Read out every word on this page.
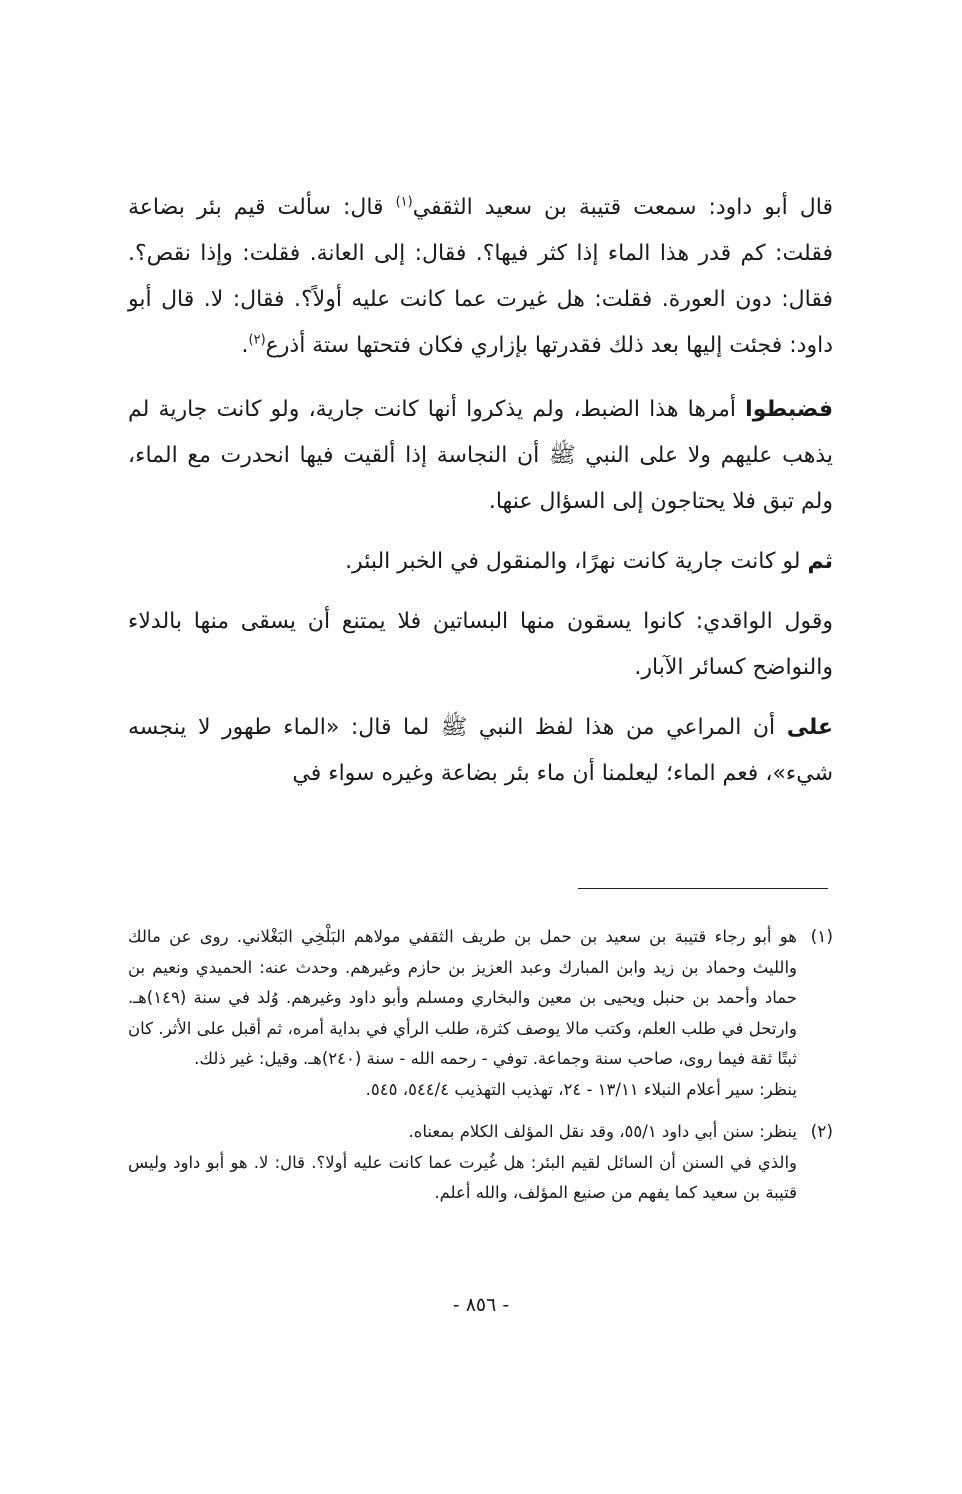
قال أبو داود: سمعت قتيبة بن سعيد الثقفي$^{(١)}$ قال: سألت قيم بئر بضاعة فقلت: كم قدر هذا الماء إذا كثر فيها؟. فقال: إلى العانة. فقلت: وإذا نقص؟. فقال: دون العورة. فقلت: هل غيرت عما كانت عليه أولاً؟. فقال: لا. قال أبو داود: فجئت إليها بعد ذلك فقدرتها بإزاري فكان فتحتها ستة أذرع$^{(٢)}$.

فضبطوا أمرها هذا الضبط، ولم يذكروا أنها كانت جارية، ولو كانت جارية لم يذهب عليهم ولا على النبي ﷺ أن النجاسة إذا ألقيت فيها انحدرت مع الماء، ولم تبق فلا يحتاجون إلى السؤال عنها.

ثم لو كانت جارية كانت نهرًا، والمنقول في الخبر البئر.

وقول الواقدي: كانوا يسقون منها البساتين فلا يمتنع أن يسقى منها بالدلاء والنواضح كسائر الآبار.

على أن المراعي من هذا لفظ النبي ﷺ لما قال: «الماء طهور لا ينجسه شيء»، فعم الماء؛ ليعلمنا أن ماء بئر بضاعة وغيره سواء في

(١)

هو أبو رجاء قتيبة بن سعيد بن حمل بن طريف الثقفي مولاهم البَلْخِي البَغْلاني. روى عن مالك والليث وحماد بن زيد وابن المبارك وعبد العزيز بن حازم وغيرهم. وحدث عنه: الحميدي ونعيم بن حماد وأحمد بن حنبل ويحيى بن معين والبخاري ومسلم وأبو داود وغيرهم. وُلد في سنة (١٤٩)هـ. وارتحل في طلب العلم، وكتب مالا يوصف كثرة، طلب الرأي في بداية أمره، ثم أقبل على الأثر. كان ثبتًا ثقة فيما روى، صاحب سنة وجماعة. توفي - رحمه الله - سنة (٢٤٠)هـ. وقيل: غير ذلك.

ينظر: سير أعلام النبلاء ١٣/١١ - ٢٤، تهذيب التهذيب ٥٤٤/٤، ٥٤٥.

(٢)

ينظر: سنن أبي داود ٥٥/١، وقد نقل المؤلف الكلام بمعناه.

والذي في السنن أن السائل لقيم البئر: هل غُيرت عما كانت عليه أولا؟. قال: لا. هو أبو داود وليس قتيبة بن سعيد كما يفهم من صنيع المؤلف، والله أعلم.

- ٨٥٦ -
